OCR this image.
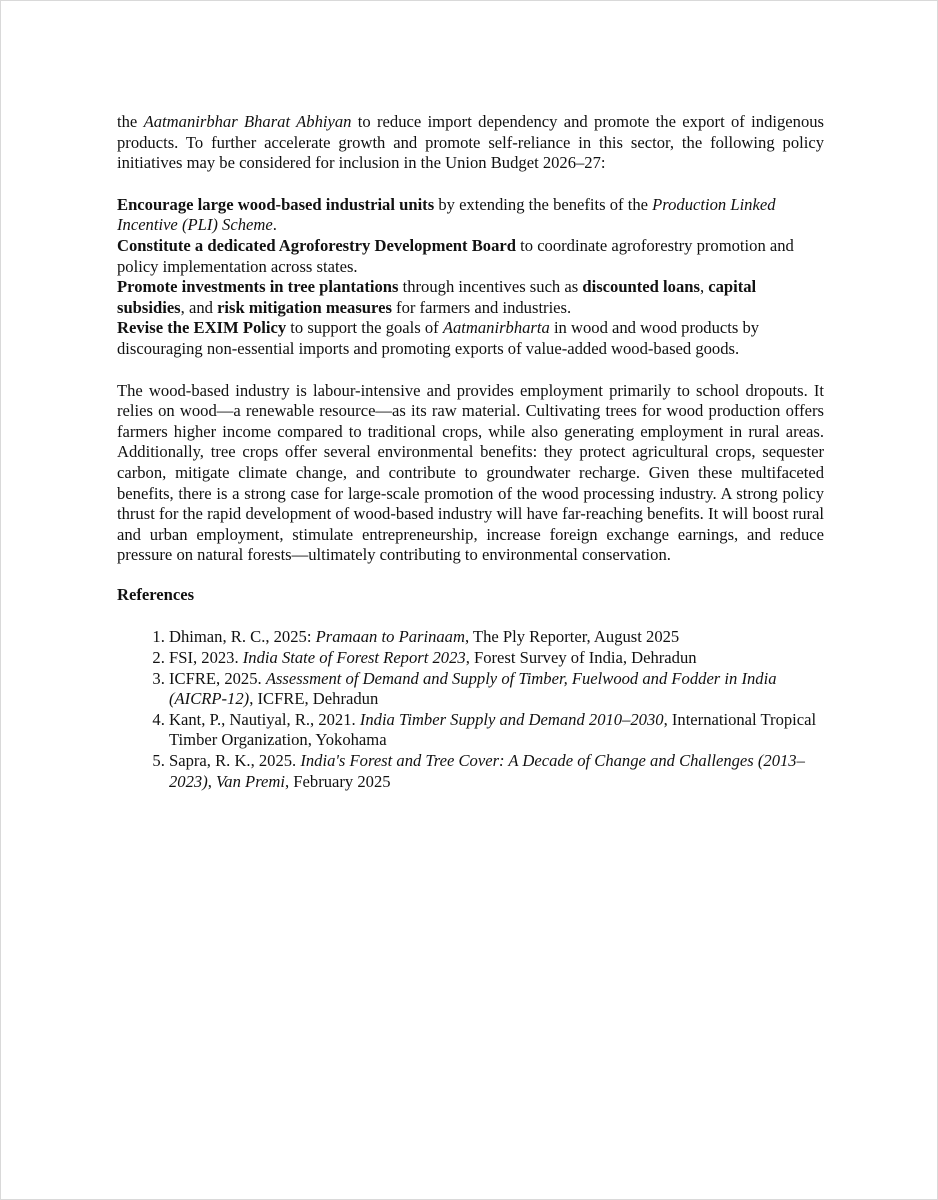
the Aatmanirbhar Bharat Abhiyan to reduce import dependency and promote the export of indigenous products. To further accelerate growth and promote self-reliance in this sector, the following policy initiatives may be considered for inclusion in the Union Budget 2026–27:

Encourage large wood-based industrial units by extending the benefits of the Production Linked Incentive (PLI) Scheme.

Constitute a dedicated Agroforestry Development Board to coordinate agroforestry promotion and policy implementation across states.

Promote investments in tree plantations through incentives such as discounted loans, capital subsidies, and risk mitigation measures for farmers and industries.

Revise the EXIM Policy to support the goals of Aatmanirbharta in wood and wood products by discouraging non-essential imports and promoting exports of value-added wood-based goods.

The wood-based industry is labour-intensive and provides employment primarily to school dropouts. It relies on wood—a renewable resource—as its raw material. Cultivating trees for wood production offers farmers higher income compared to traditional crops, while also generating employment in rural areas. Additionally, tree crops offer several environmental benefits: they protect agricultural crops, sequester carbon, mitigate climate change, and contribute to groundwater recharge. Given these multifaceted benefits, there is a strong case for large-scale promotion of the wood processing industry. A strong policy thrust for the rapid development of wood-based industry will have far-reaching benefits. It will boost rural and urban employment, stimulate entrepreneurship, increase foreign exchange earnings, and reduce pressure on natural forests—ultimately contributing to environmental conservation.

References

1. Dhiman, R. C., 2025: Pramaan to Parinaam, The Ply Reporter, August 2025
2. FSI, 2023. India State of Forest Report 2023, Forest Survey of India, Dehradun
3. ICFRE, 2025. Assessment of Demand and Supply of Timber, Fuelwood and Fodder in India (AICRP-12), ICFRE, Dehradun
4. Kant, P., Nautiyal, R., 2021. India Timber Supply and Demand 2010–2030, International Tropical Timber Organization, Yokohama
5. Sapra, R. K., 2025. India's Forest and Tree Cover: A Decade of Change and Challenges (2013–2023), Van Premi, February 2025
